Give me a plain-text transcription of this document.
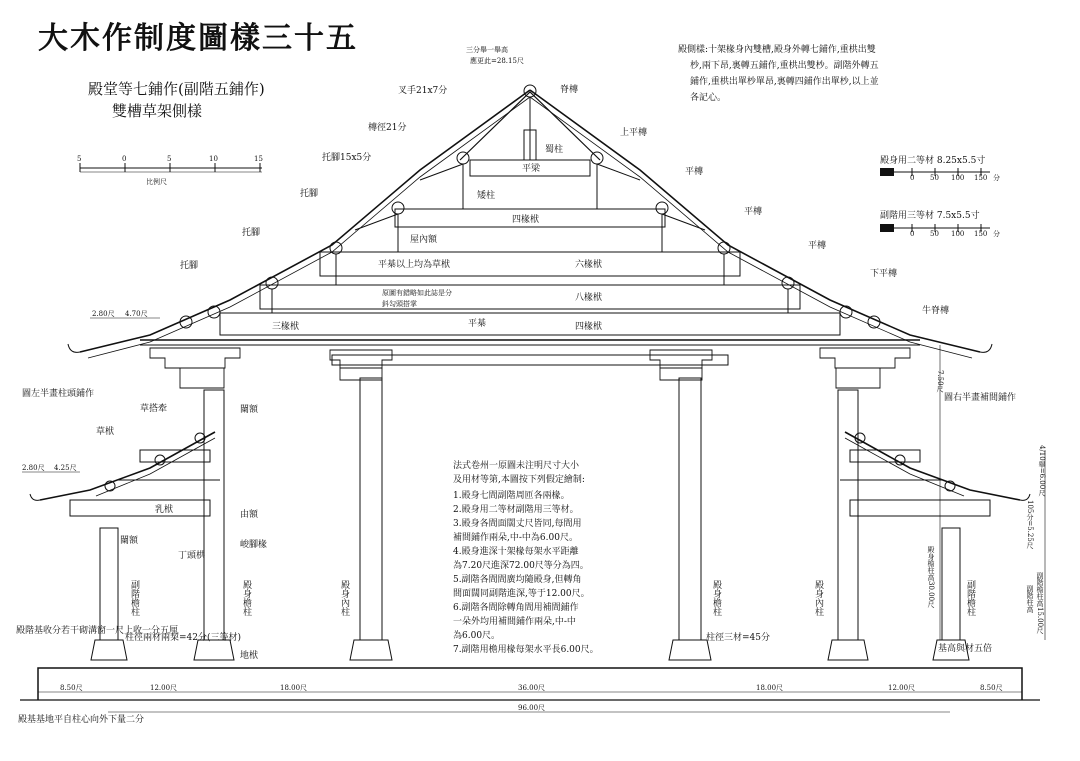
大木作制度圖樣三十五
殿堂等七鋪作(副階五鋪作)
雙槽草架側樣
5	0	5	10	15
比例尺
三分舉一舉高
應更此=28.15尺
殿側樣:十架椽身內雙槽,殿身外轉七鋪作,重栱出雙
杪,兩下昂,裏轉五鋪作,重栱出雙杪。副階外轉五
鋪作,重栱出單杪單昂,裏轉四鋪作出單杪,以上並
各記心。
殿身用二等材 8.25x5.5寸
0 50 100 150 分
副階用三等材 7.5x5.5寸
0 50 100 150 分
叉手21x7分
槫徑21分
托腳15x5分
托腳
托腳
托腳
2.80尺 4.70尺
2.80尺 4.25尺
圖左半畫柱頭鋪作
草搭牽
草栿
闌額
乳栿	由額
闌額
丁頭栱
峻腳椽
殿階基收分若干砌溝窗一尺上收一分五厘
柱徑兩材兩栔=42分(三等材)
地栿
殿基基地平自柱心向外下量二分
副階檐柱	殿身檐柱	殿身內柱
脊槫
蜀柱
平梁
矮柱
四椽栿
屋內額
平棊以上均為草栿	六椽栿
八椽栿
原圖有錯略如此誌是分
鈄勾頭搭掌
三椽栿	平棊	四椽栿
上平槫
平槫
平槫
平槫
下平槫
牛脊槫
圖右半畫補間鋪作
7.50尺
柱徑三材=45分
基高與材五倍
殿身檐柱高30.00尺	副階檐柱高15.00尺
副階柱高
4/10舉=6.00尺
105分=5.25尺
殿身檐柱	殿身內柱	副階檐柱
法式卷州一原圖未注明尺寸大小
及用材等第,本圖按下列假定繪制:
1.殿身七間副階周匝各兩椽。
2.殿身用二等材副階用三等材。
3.殿身各間面闊丈尺皆同,每間用
補間鋪作兩朵,中-中為6.00尺。
4.殿身進深十架椽每架水平距離
為7.20尺進深72.00尺等分為四。
5.副階各間間廣均隨殿身,但轉角
間面闊同副階進深,等于12.00尺。
6.副階各間除轉角間用補間鋪作
一朵外均用補間鋪作兩朵,中-中
為6.00尺。
7.副階用檐用椽每架水平長6.00尺。
8.50尺	12.00尺	18.00尺	36.00尺	18.00尺	12.00尺	8.50尺
96.00尺
